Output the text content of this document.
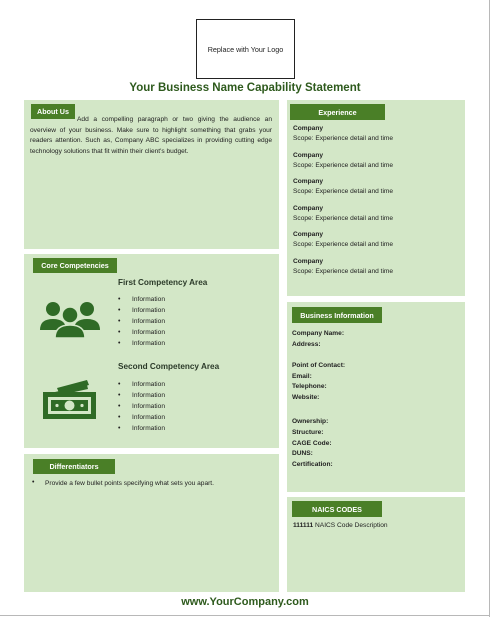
Replace with Your Logo
Your Business Name Capability Statement
About Us
Add a compelling paragraph or two giving the audience an overview of your business. Make sure to highlight something that grabs your readers attention. Such as, Company ABC specializes in providing cutting edge technology solutions that fit within their client's budget.
Core Competencies
First Competency Area
• Information
• Information
• Information
• Information
• Information
Second Competency Area
• Information
• Information
• Information
• Information
• Information
Differentiators
• Provide a few bullet points specifying what sets you apart.
Experience
Company
Scope: Experience detail and time
Company
Scope: Experience detail and time
Company
Scope: Experience detail and time
Company
Scope: Experience detail and time
Company
Scope: Experience detail and time
Company
Scope: Experience detail and time
Business Information
Company Name:
Address:
Point of Contact:
Email:
Telephone:
Website:
Ownership:
Structure:
CAGE Code:
DUNS:
Certification:
NAICS CODES
111111 NAICS Code Description
www.YourCompany.com
